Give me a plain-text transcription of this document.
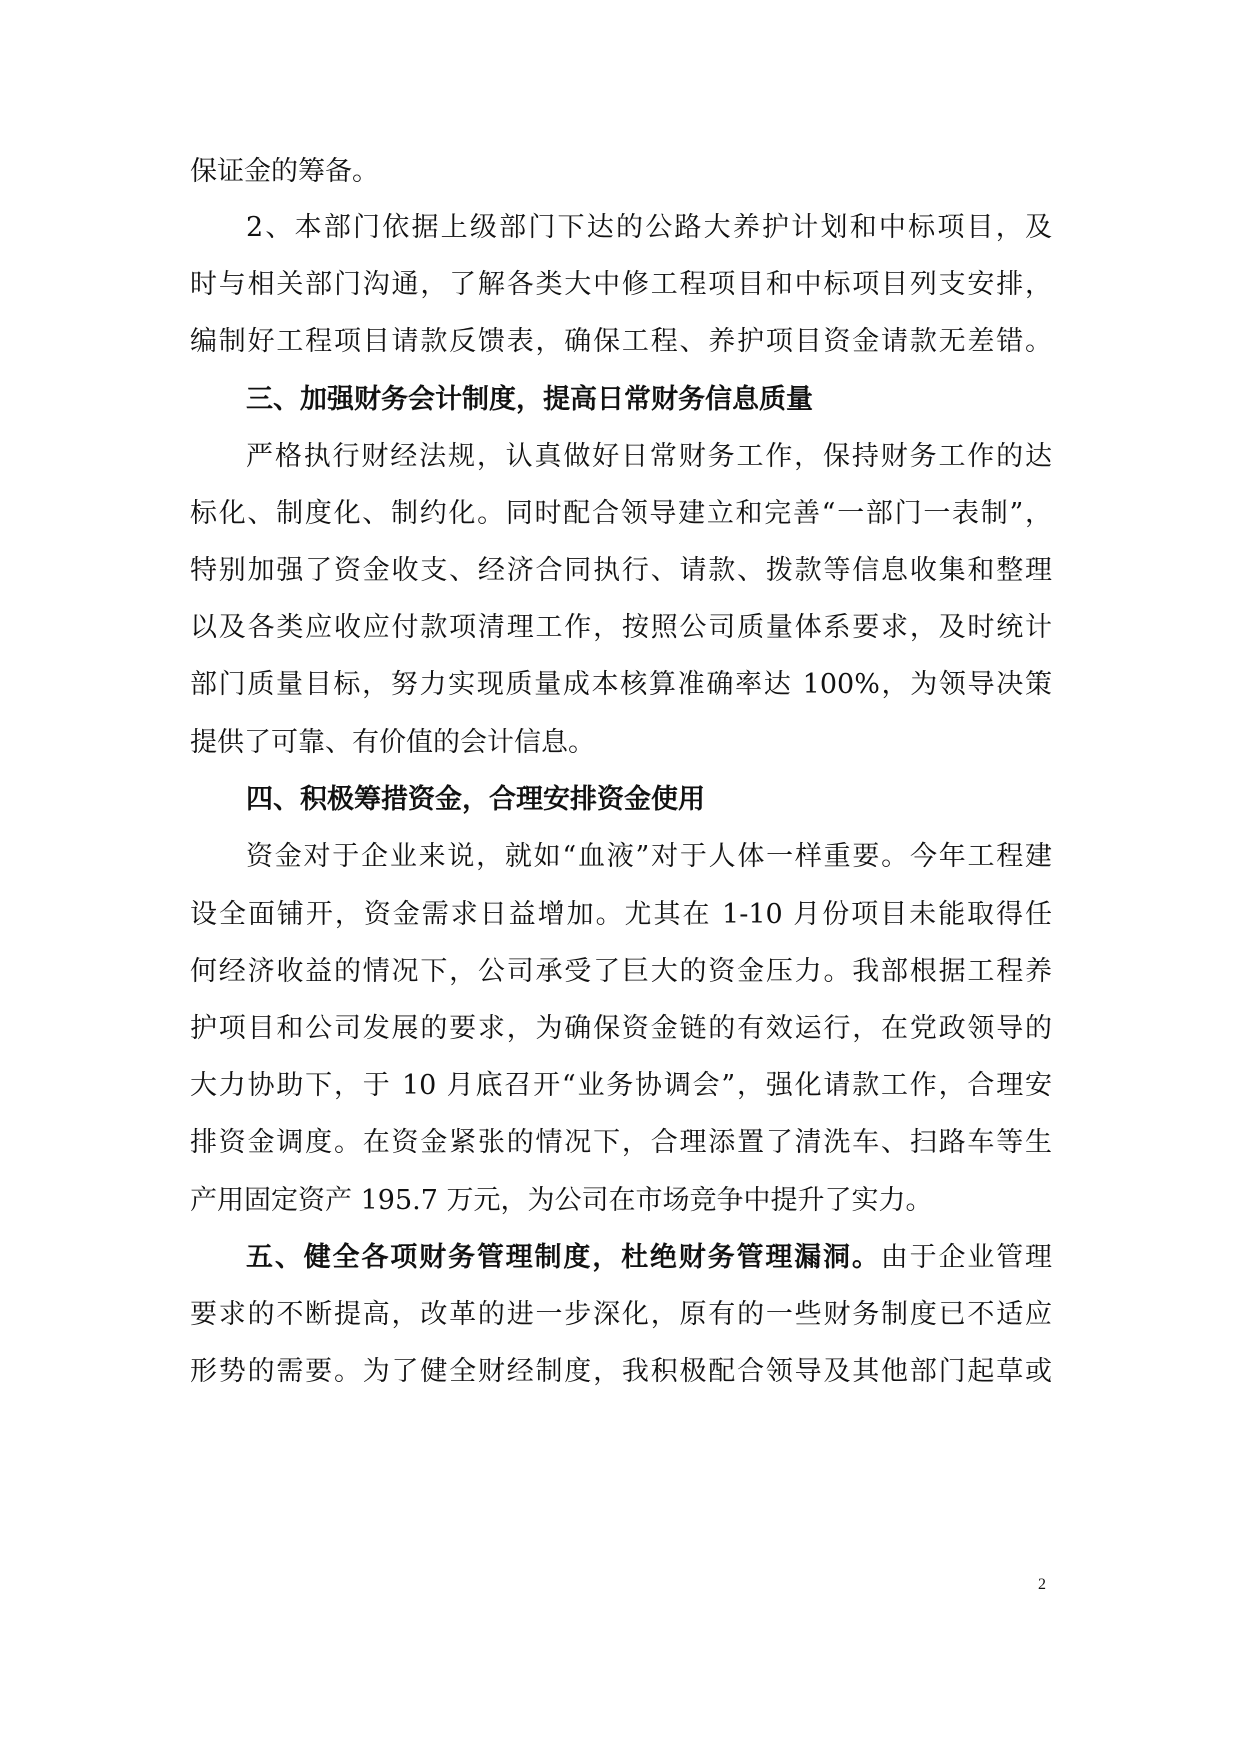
保证金的筹备。
2、本部门依据上级部门下达的公路大养护计划和中标项目，及
时与相关部门沟通，了解各类大中修工程项目和中标项目列支安排，
编制好工程项目请款反馈表，确保工程、养护项目资金请款无差错。
三、加强财务会计制度，提高日常财务信息质量
严格执行财经法规，认真做好日常财务工作，保持财务工作的达
标化、制度化、制约化。同时配合领导建立和完善“一部门一表制”，
特别加强了资金收支、经济合同执行、请款、拨款等信息收集和整理
以及各类应收应付款项清理工作，按照公司质量体系要求，及时统计
部门质量目标，努力实现质量成本核算准确率达 100%，为领导决策
提供了可靠、有价值的会计信息。
四、积极筹措资金，合理安排资金使用
资金对于企业来说，就如“血液”对于人体一样重要。今年工程建
设全面铺开，资金需求日益增加。尤其在 1-10 月份项目未能取得任
何经济收益的情况下，公司承受了巨大的资金压力。我部根据工程养
护项目和公司发展的要求，为确保资金链的有效运行，在党政领导的
大力协助下，于 10 月底召开“业务协调会”，强化请款工作，合理安
排资金调度。在资金紧张的情况下，合理添置了清洗车、扫路车等生
产用固定资产 195.7 万元，为公司在市场竞争中提升了实力。
五、健全各项财务管理制度，杜绝财务管理漏洞。由于企业管理
要求的不断提高，改革的进一步深化，原有的一些财务制度已不适应
形势的需要。为了健全财经制度，我积极配合领导及其他部门起草或
2
